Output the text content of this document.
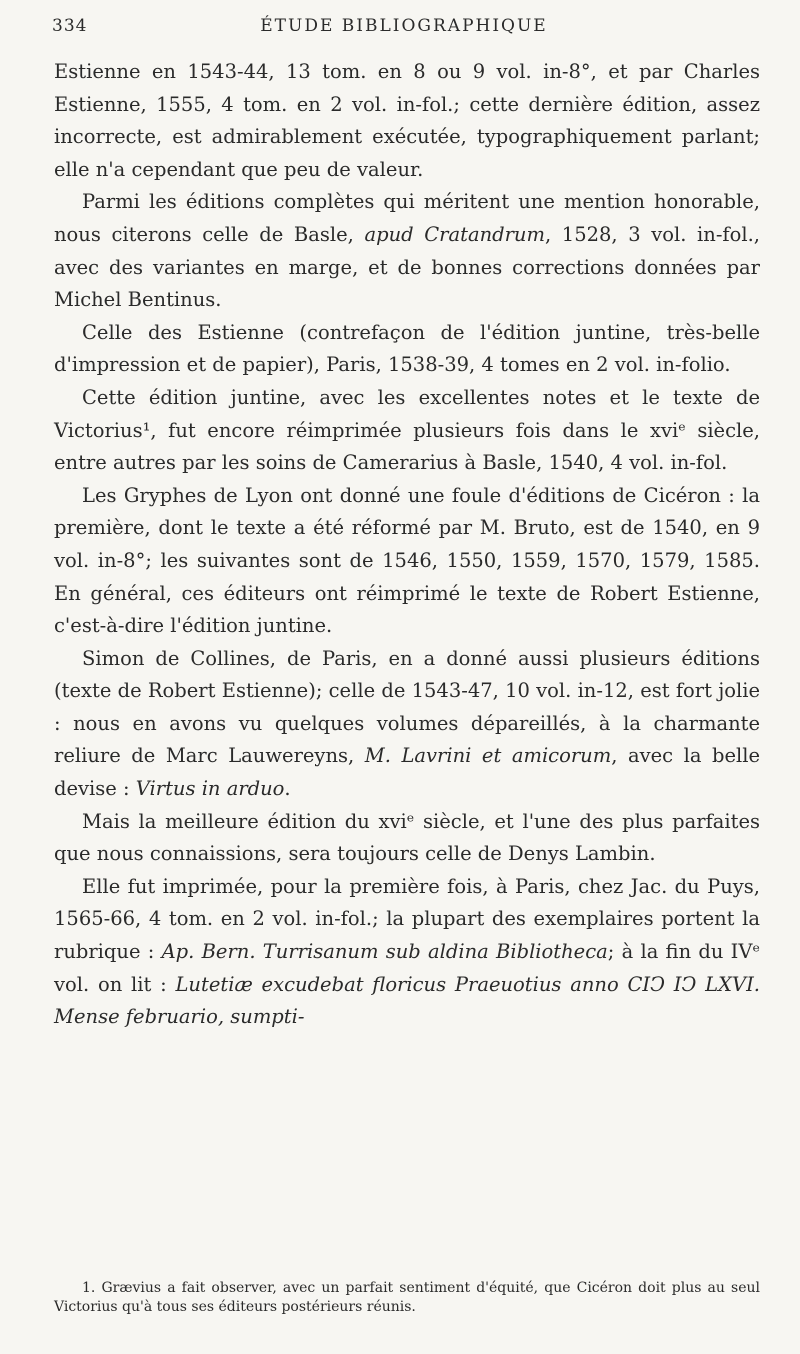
334	ÉTUDE BIBLIOGRAPHIQUE

Estienne en 1543-44, 13 tom. en 8 ou 9 vol. in-8°, et par Charles Estienne, 1555, 4 tom. en 2 vol. in-fol.; cette dernière édition, assez incorrecte, est admirablement exécutée, typographiquement parlant; elle n'a cependant que peu de valeur.

Parmi les éditions complètes qui méritent une mention honorable, nous citerons celle de Basle, apud Cratandrum, 1528, 3 vol. in-fol., avec des variantes en marge, et de bonnes corrections données par Michel Bentinus.

Celle des Estienne (contrefaçon de l'édition juntine, très-belle d'impression et de papier), Paris, 1538-39, 4 tomes en 2 vol. in-folio.

Cette édition juntine, avec les excellentes notes et le texte de Victorius¹, fut encore réimprimée plusieurs fois dans le xviᵉ siècle, entre autres par les soins de Camerarius à Basle, 1540, 4 vol. in-fol.

Les Gryphes de Lyon ont donné une foule d'éditions de Cicéron : la première, dont le texte a été réformé par M. Bruto, est de 1540, en 9 vol. in-8°; les suivantes sont de 1546, 1550, 1559, 1570, 1579, 1585. En général, ces éditeurs ont réimprimé le texte de Robert Estienne, c'est-à-dire l'édition juntine.

Simon de Collines, de Paris, en a donné aussi plusieurs éditions (texte de Robert Estienne); celle de 1543-47, 10 vol. in-12, est fort jolie : nous en avons vu quelques volumes dépareillés, à la charmante reliure de Marc Lauwereyns, M. Lavrini et amicorum, avec la belle devise : Virtus in arduo.

Mais la meilleure édition du xviᵉ siècle, et l'une des plus parfaites que nous connaissions, sera toujours celle de Denys Lambin.

Elle fut imprimée, pour la première fois, à Paris, chez Jac. du Puys, 1565-66, 4 tom. en 2 vol. in-fol.; la plupart des exemplaires portent la rubrique : Ap. Bern. Turrisanum sub aldina Bibliotheca; à la fin du IVᵉ vol. on lit : Lutetiæ excudebat floricus Praeuotius anno CIↃ IↃ LXVI. Mense februario, sumpti-

1. Grævius a fait observer, avec un parfait sentiment d'équité, que Cicéron doit plus au seul Victorius qu'à tous ses éditeurs postérieurs réunis.
